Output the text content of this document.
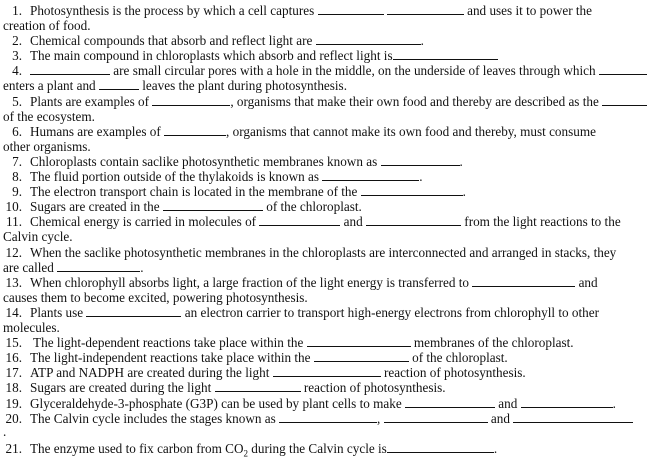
1. Photosynthesis is the process by which a cell captures	and uses it to power the
creation of food.
2. Chemical compounds that absorb and reflect light are	.
3. The main compound in chloroplasts which absorb and reflect light is
4.	are small circular pores with a hole in the middle, on the underside of leaves through which
enters a plant and	leaves the plant during photosynthesis.
5. Plants are examples of	, organisms that make their own food and thereby are described as the
of the ecosystem.
6. Humans are examples of	, organisms that cannot make its own food and thereby, must consume
other organisms.
7. Chloroplasts contain saclike photosynthetic membranes known as	.
8. The fluid portion outside of the thylakoids is known as	.
9. The electron transport chain is located in the membrane of the	.
10. Sugars are created in the	of the chloroplast.
11. Chemical energy is carried in molecules of	and	from the light reactions to the
Calvin cycle.
12. When the saclike photosynthetic membranes in the chloroplasts are interconnected and arranged in stacks, they
are called	.
13. When chlorophyll absorbs light, a large fraction of the light energy is transferred to	and
causes them to become excited, powering photosynthesis.
14. Plants use	an electron carrier to transport high-energy electrons from chlorophyll to other
molecules.
15. The light-dependent reactions take place within the	membranes of the chloroplast.
16. The light-independent reactions take place within the	of the chloroplast.
17. ATP and NADPH are created during the light	reaction of photosynthesis.
18. Sugars are created during the light	reaction of photosynthesis.
19. Glyceraldehyde-3-phosphate (G3P) can be used by plant cells to make	and	.
20. The Calvin cycle includes the stages known as	,	and
.
21. The enzyme used to fix carbon from $CO_2$ during the Calvin cycle is	.
